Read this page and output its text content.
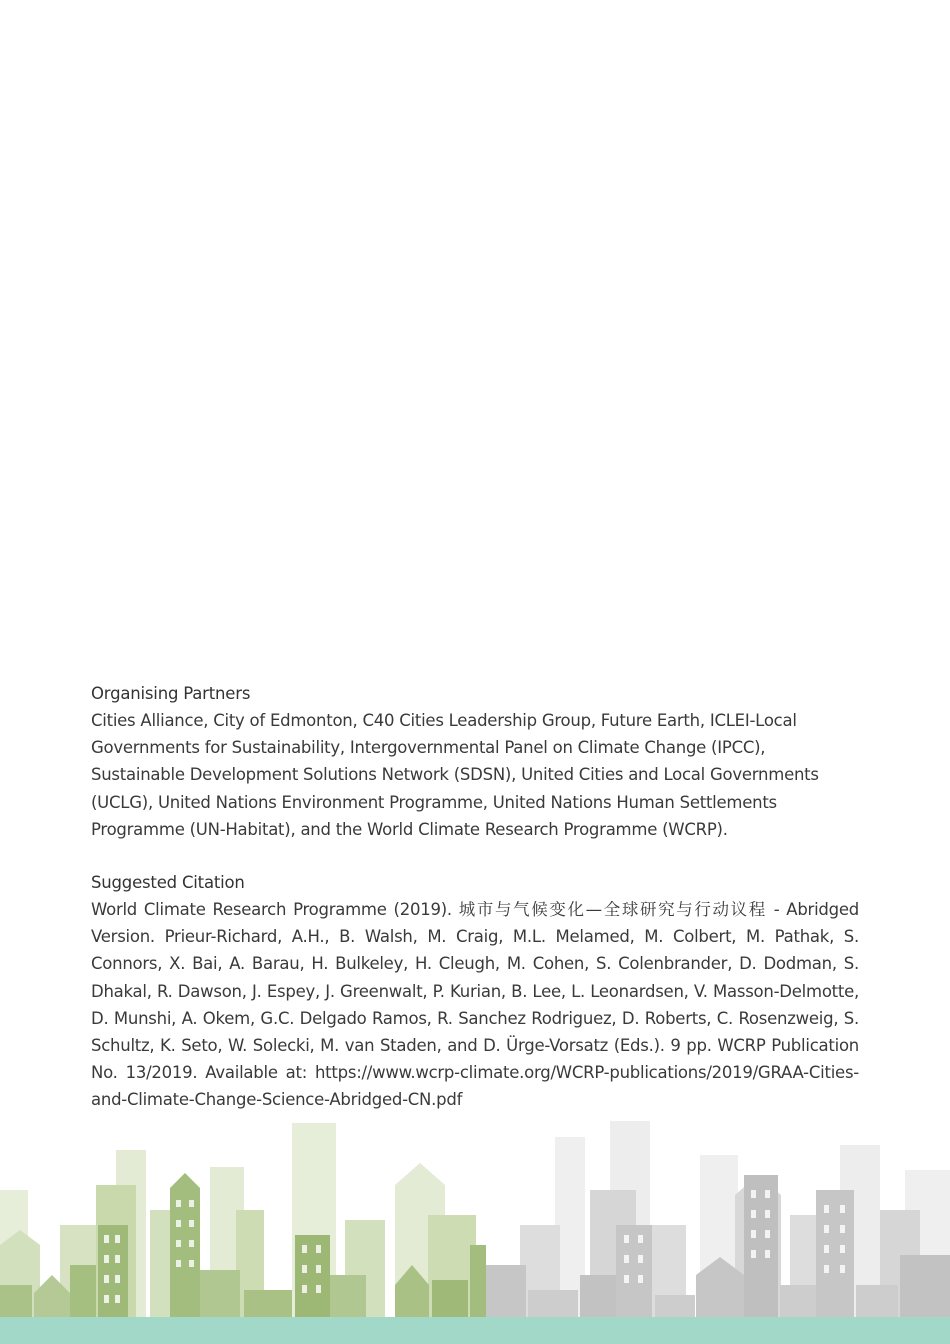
Organising Partners

Cities Alliance, City of Edmonton, C40 Cities Leadership Group, Future Earth, ICLEI-Local Governments for Sustainability, Intergovernmental Panel on Climate Change (IPCC), Sustainable Development Solutions Network (SDSN), United Cities and Local Governments (UCLG), United Nations Environment Programme, United Nations Human Settlements Programme (UN-Habitat), and the World Climate Research Programme (WCRP).

Suggested Citation

World Climate Research Programme (2019). 城市与气候变化—全球研究与行动议程 - Abridged Version. Prieur-Richard, A.H., B. Walsh, M. Craig, M.L. Melamed, M. Colbert, M. Pathak, S. Connors, X. Bai, A. Barau, H. Bulkeley, H. Cleugh, M. Cohen, S. Colenbrander, D. Dodman, S. Dhakal, R. Dawson, J. Espey, J. Greenwalt, P. Kurian, B. Lee, L. Leonardsen, V. Masson-Delmotte, D. Munshi, A. Okem, G.C. Delgado Ramos, R. Sanchez Rodriguez, D. Roberts, C. Rosenzweig, S. Schultz, K. Seto, W. Solecki, M. van Staden, and D. Ürge-Vorsatz (Eds.). 9 pp. WCRP Publication No. 13/2019. Available at: https://www.wcrp-climate.org/WCRP-publications/2019/GRAA-Cities-and-Climate-Change-Science-Abridged-CN.pdf
